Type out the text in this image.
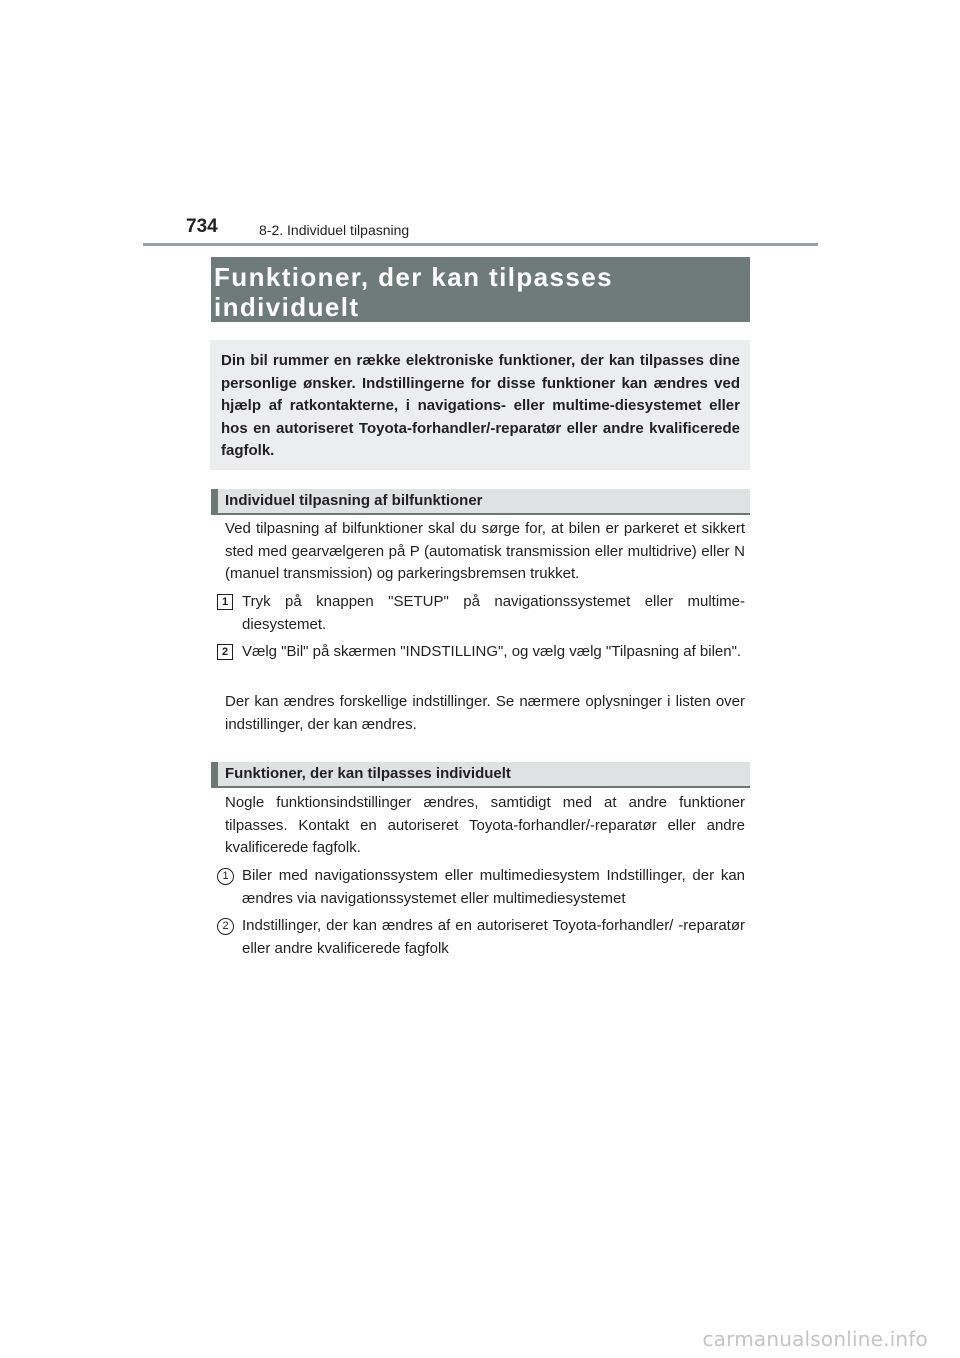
734	8-2. Individuel tilpasning
Funktioner, der kan tilpasses individuelt
Din bil rummer en række elektroniske funktioner, der kan tilpasses dine personlige ønsker. Indstillingerne for disse funktioner kan ændres ved hjælp af ratkontakterne, i navigations- eller multime-diesystemet eller hos en autoriseret Toyota-forhandler/-reparatør eller andre kvalificerede fagfolk.
Individuel tilpasning af bilfunktioner
Ved tilpasning af bilfunktioner skal du sørge for, at bilen er parkeret et sikkert sted med gearvælgeren på P (automatisk transmission eller multidrive) eller N (manuel transmission) og parkeringsbremsen trukket.
1 Tryk på knappen "SETUP" på navigationssystemet eller multime-diesystemet.
2 Vælg "Bil" på skærmen "INDSTILLING", og vælg vælg "Tilpasning af bilen".
Der kan ændres forskellige indstillinger. Se nærmere oplysninger i listen over indstillinger, der kan ændres.
Funktioner, der kan tilpasses individuelt
Nogle funktionsindstillinger ændres, samtidigt med at andre funktioner tilpasses. Kontakt en autoriseret Toyota-forhandler/-reparatør eller andre kvalificerede fagfolk.
1 Biler med navigationssystem eller multimediesystem Indstillinger, der kan ændres via navigationssystemet eller multimediesystemet
2 Indstillinger, der kan ændres af en autoriseret Toyota-forhandler/ -reparatør eller andre kvalificerede fagfolk
carmanualsonline.info
